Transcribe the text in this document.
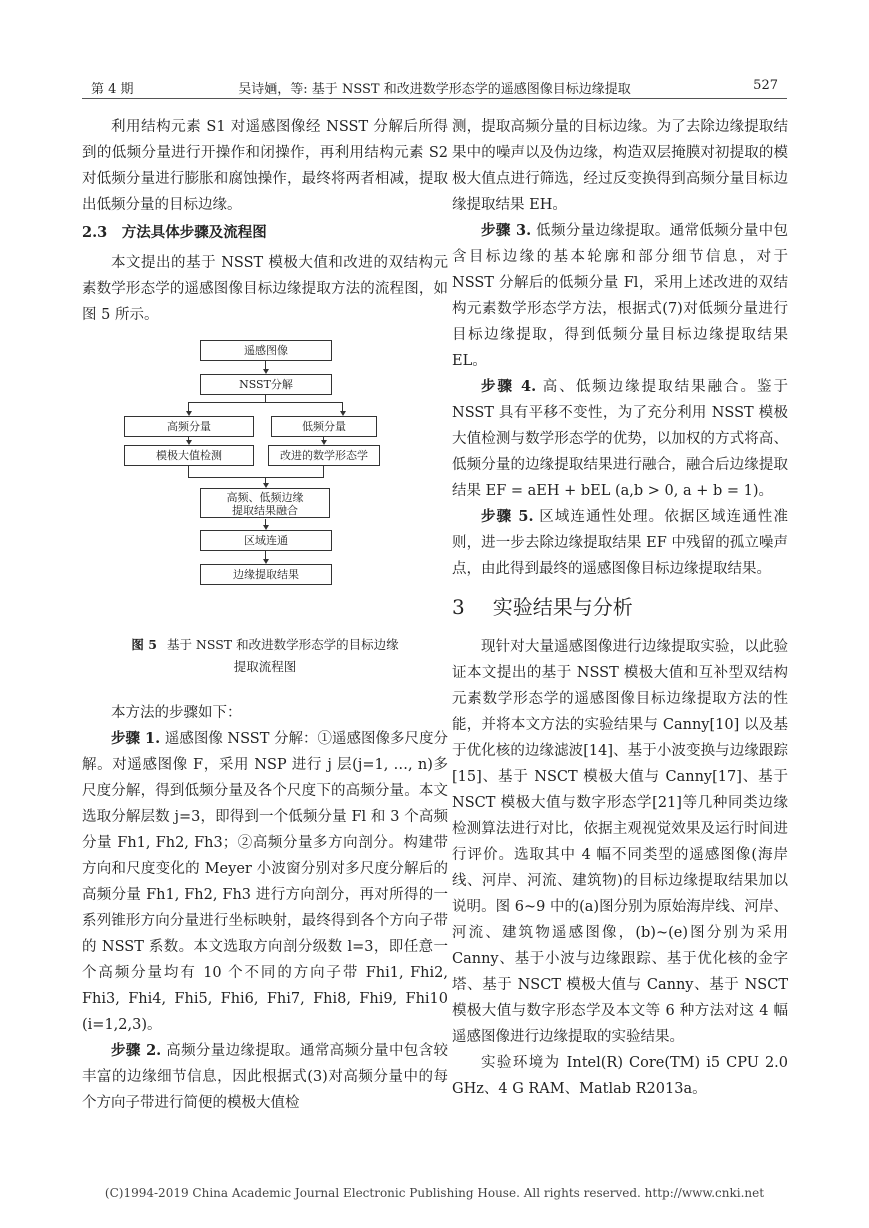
第 4 期	吴诗婳，等: 基于 NSST 和改进数学形态学的遥感图像目标边缘提取	527

利用结构元素 S1 对遥感图像经 NSST 分解后所得到的低频分量进行开操作和闭操作，再利用结构元素 S2 对低频分量进行膨胀和腐蚀操作，最终将两者相减，提取出低频分量的目标边缘。

2.3　方法具体步骤及流程图

本文提出的基于 NSST 模极大值和改进的双结构元素数学形态学的遥感图像目标边缘提取方法的流程图，如图 5 所示。

遥感图像
NSST分解
高频分量	低频分量
模极大值检测	改进的数学形态学
高频、低频边缘
提取结果融合
区域连通
边缘提取结果
图 5 基于 NSST 和改进数学形态学的目标边缘
提取流程图

本方法的步骤如下：

步骤 1. 遥感图像 NSST 分解：①遥感图像多尺度分解。对遥感图像 F，采用 NSP 进行 j 层(j=1, …, n)多尺度分解，得到低频分量及各个尺度下的高频分量。本文选取分解层数 j=3，即得到一个低频分量 Fl 和 3 个高频分量 Fh1, Fh2, Fh3；②高频分量多方向剖分。构建带方向和尺度变化的 Meyer 小波窗分别对多尺度分解后的高频分量 Fh1, Fh2, Fh3 进行方向剖分，再对所得的一系列锥形方向分量进行坐标映射，最终得到各个方向子带的 NSST 系数。本文选取方向剖分级数 l=3，即任意一个高频分量均有 10 个不同的方向子带 Fhi1, Fhi2, Fhi3, Fhi4, Fhi5, Fhi6, Fhi7, Fhi8, Fhi9, Fhi10 (i=1,2,3)。

步骤 2. 高频分量边缘提取。通常高频分量中包含较丰富的边缘细节信息，因此根据式(3)对高频分量中的每个方向子带进行简便的模极大值检

测，提取高频分量的目标边缘。为了去除边缘提取结果中的噪声以及伪边缘，构造双层掩膜对初提取的模极大值点进行筛选，经过反变换得到高频分量目标边缘提取结果 EH。

步骤 3. 低频分量边缘提取。通常低频分量中包含目标边缘的基本轮廓和部分细节信息，对于 NSST 分解后的低频分量 Fl，采用上述改进的双结构元素数学形态学方法，根据式(7)对低频分量进行目标边缘提取，得到低频分量目标边缘提取结果 EL。

步骤 4. 高、低频边缘提取结果融合。鉴于 NSST 具有平移不变性，为了充分利用 NSST 模极大值检测与数学形态学的优势，以加权的方式将高、低频分量的边缘提取结果进行融合，融合后边缘提取结果 EF = aEH + bEL (a,b > 0, a + b = 1)。

步骤 5. 区域连通性处理。依据区域连通性准则，进一步去除边缘提取结果 EF 中残留的孤立噪声点，由此得到最终的遥感图像目标边缘提取结果。

3 实验结果与分析

现针对大量遥感图像进行边缘提取实验，以此验证本文提出的基于 NSST 模极大值和互补型双结构元素数学形态学的遥感图像目标边缘提取方法的性能，并将本文方法的实验结果与 Canny[10] 以及基于优化核的边缘滤波[14]、基于小波变换与边缘跟踪[15]、基于 NSCT 模极大值与 Canny[17]、基于 NSCT 模极大值与数字形态学[21]等几种同类边缘检测算法进行对比，依据主观视觉效果及运行时间进行评价。选取其中 4 幅不同类型的遥感图像(海岸线、河岸、河流、建筑物)的目标边缘提取结果加以说明。图 6~9 中的(a)图分别为原始海岸线、河岸、河流、建筑物遥感图像，(b)~(e)图分别为采用 Canny、基于小波与边缘跟踪、基于优化核的金字塔、基于 NSCT 模极大值与 Canny、基于 NSCT 模极大值与数字形态学及本文等 6 种方法对这 4 幅遥感图像进行边缘提取的实验结果。

实验环境为 Intel(R) Core(TM) i5 CPU 2.0 GHz、4 G RAM、Matlab R2013a。

(C)1994-2019 China Academic Journal Electronic Publishing House. All rights reserved. http://www.cnki.net
